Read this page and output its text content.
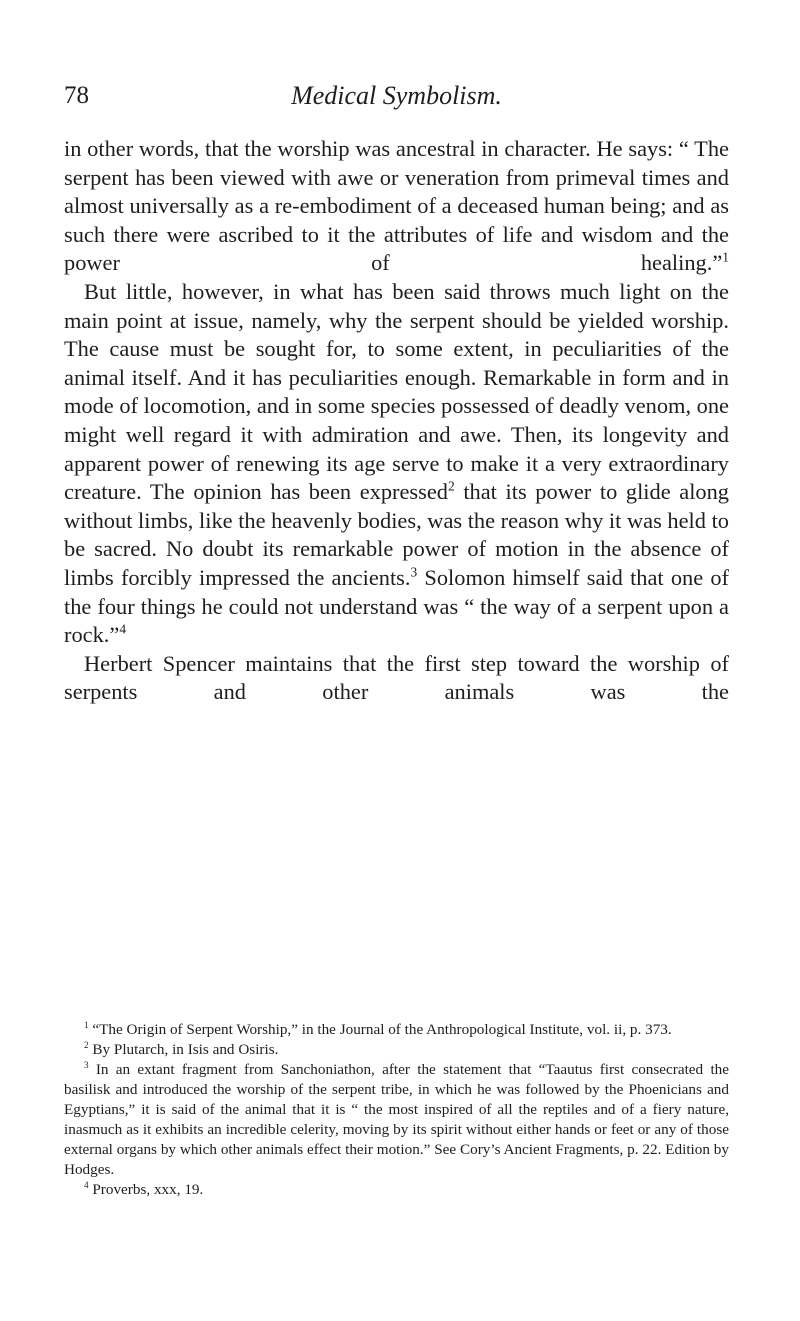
78	Medical Symbolism.

in other words, that the worship was ancestral in character. He says: “ The serpent has been viewed with awe or veneration from primeval times and almost universally as a re-embodiment of a deceased human being; and as such there were ascribed to it the attributes of life and wisdom and the power of healing.”$^1$

But little, however, in what has been said throws much light on the main point at issue, namely, why the serpent should be yielded worship. The cause must be sought for, to some extent, in peculiarities of the animal itself. And it has peculiarities enough. Remarkable in form and in mode of locomotion, and in some species possessed of deadly venom, one might well regard it with admiration and awe. Then, its longevity and apparent power of renewing its age serve to make it a very extraordinary creature. The opinion has been expressed$^2$ that its power to glide along without limbs, like the heavenly bodies, was the reason why it was held to be sacred. No doubt its remarkable power of motion in the absence of limbs forcibly impressed the ancients.$^3$ Solomon himself said that one of the four things he could not understand was “ the way of a serpent upon a rock.”$^4$

Herbert Spencer maintains that the first step toward the worship of serpents and other animals was the

$^1$ “The Origin of Serpent Worship,” in the Journal of the Anthropological Institute, vol. ii, p. 373.

$^2$ By Plutarch, in Isis and Osiris.

$^3$ In an extant fragment from Sanchoniathon, after the statement that “Taautus first consecrated the basilisk and introduced the worship of the serpent tribe, in which he was followed by the Phoenicians and Egyptians,” it is said of the animal that it is “ the most inspired of all the reptiles and of a fiery nature, inasmuch as it exhibits an incredible celerity, moving by its spirit without either hands or feet or any of those external organs by which other animals effect their motion.” See Cory’s Ancient Fragments, p. 22. Edition by Hodges.

$^4$ Proverbs, xxx, 19.
